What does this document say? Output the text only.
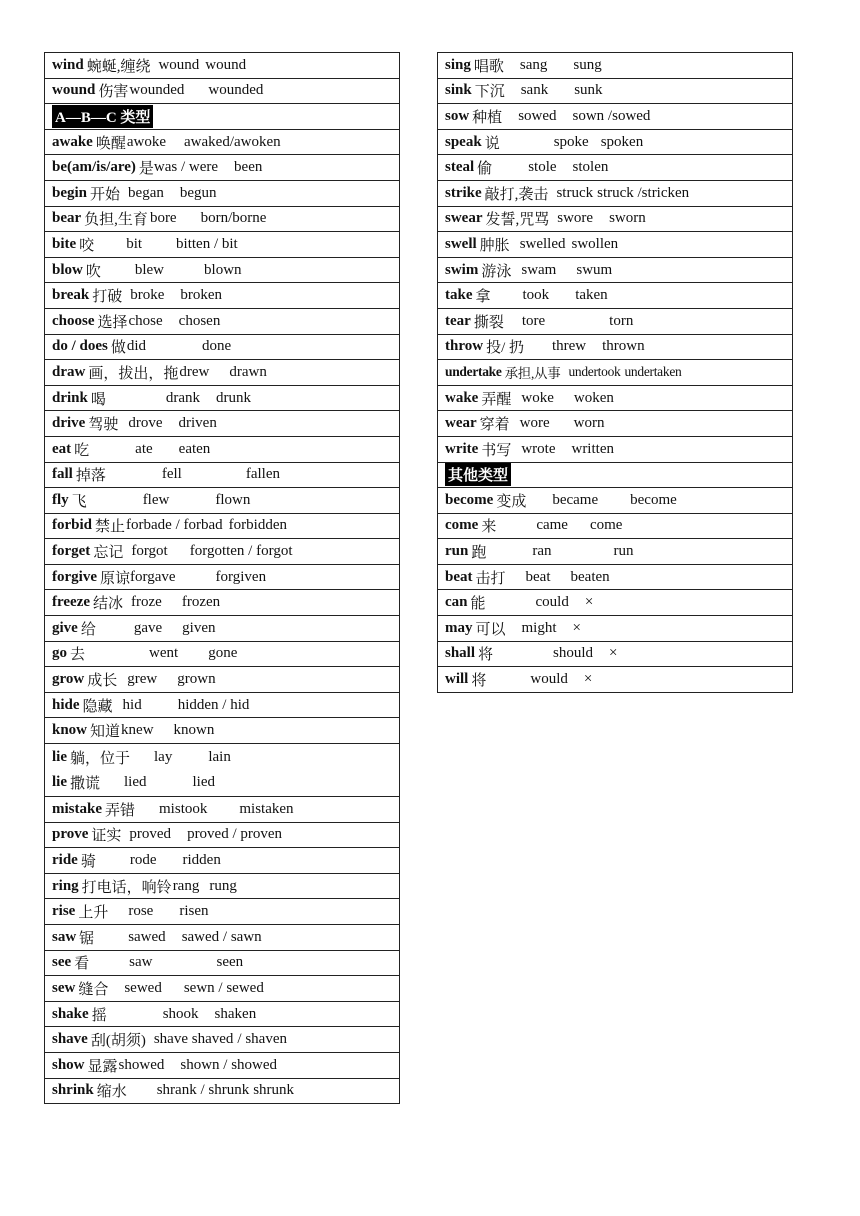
wind 蜿蜒,缠绕 wound wound
wound 伤害 wounded wounded
A—B—C 类型
awake 唤醒 awoke awaked/awoken
be(am/is/are) 是 was / were been
begin 开始 began begun
bear 负担,生育 bore born/borne
bite 咬 bit bitten / bit
blow 吹 blew	blown
break 打破 broke broken
choose 选择 chose chosen
do / does 做 did	done
draw 画，拔出，拖 drew drawn
drink 喝	drank drunk
drive 驾驶 drove driven
eat 吃	ate eaten
fall 掉落	fell	fallen
fly 飞	flew	flown
forbid 禁止 forbade / forbad forbidden
forget 忘记 forgot forgotten / forgot
forgive 原谅 forgave	forgiven
freeze 结冰 froze frozen
give 给	gave given
go 去	went gone
grow 成长 grew grown
hide 隐藏 hid hidden / hid
know 知道 knew known
lie 躺，位于 lay lain
lie 撒谎 lied	lied
mistake 弄错 mistook mistaken
prove 证实 proved proved / proven
ride 骑 rode ridden
ring 打电话，响铃 rang rung
rise 上升 rose risen
saw 锯 sawed sawed / sawn
see 看	saw	seen
sew 缝合 sewed sewn / sewed
shake 摇	shook shaken
shave 刮(胡须) shave shaved / shaven
show 显露 showed shown / showed
shrink 缩水 shrank / shrunk shrunk
sing 唱歌 sang sung
sink 下沉 sank sunk
sow 种植 sowed sown /sowed
speak 说	spoke spoken
steal 偷 stole stolen
strike 敲打,袭击 struck struck /stricken
swear 发誓,咒骂 swore sworn
swell 肿胀 swelled swollen
swim 游泳 swam swum
take 拿 took taken
tear 撕裂 tore	torn
throw 投/ 扔 threw thrown
undertake 承担,从事 undertook undertaken
wake 弄醒 woke woken
wear 穿着 wore worn
write 书写 wrote written
其他类型
become 变成 became become
come 来	came come
run 跑	ran	run
beat 击打 beat beaten
can 能	could ×
may 可以 might ×
shall 将	should ×
will 将	would ×
